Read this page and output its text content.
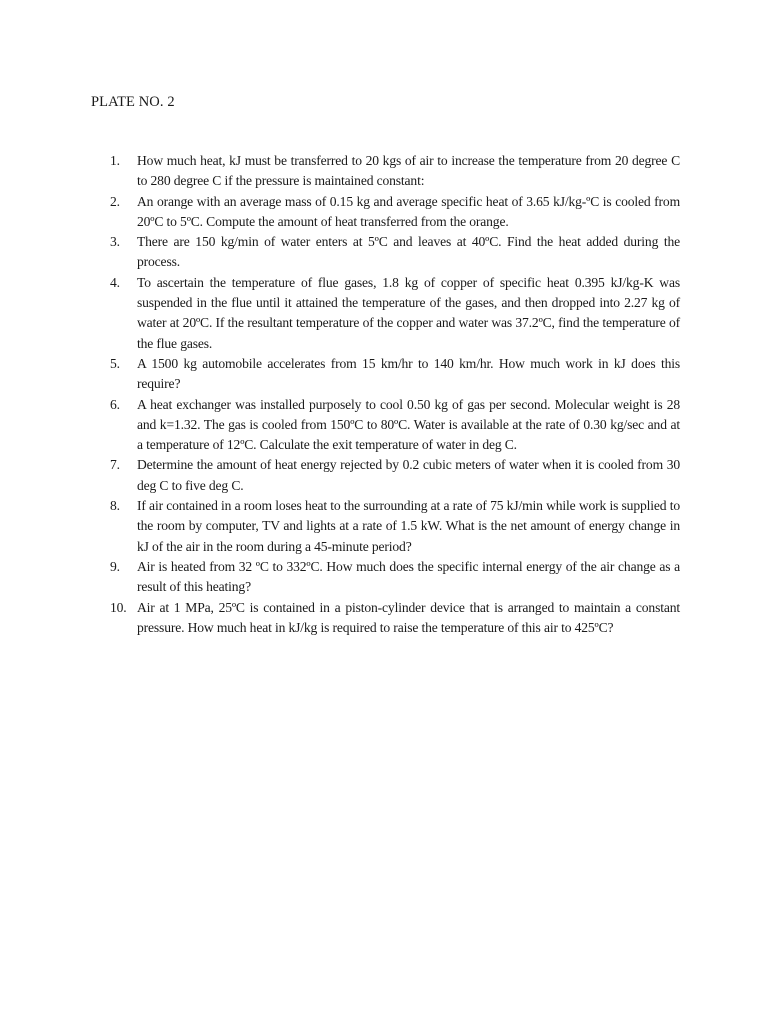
PLATE NO. 2
1.	How much heat, kJ must be transferred to 20 kgs of air to increase the temperature from 20 degree C to 280 degree C if the pressure is maintained constant:
2.	An orange with an average mass of 0.15 kg and average specific heat of 3.65 kJ/kg-ºC is cooled from 20ºC to 5ºC. Compute the amount of heat transferred from the orange.
3.	There are 150 kg/min of water enters at 5ºC and leaves at 40ºC. Find the heat added during the process.
4.	To ascertain the temperature of flue gases, 1.8 kg of copper of specific heat 0.395 kJ/kg-K was suspended in the flue until it attained the temperature of the gases, and then dropped into 2.27 kg of water at 20ºC. If the resultant temperature of the copper and water was 37.2ºC, find the temperature of the flue gases.
5.	A 1500 kg automobile accelerates from 15 km/hr to 140 km/hr. How much work in kJ does this require?
6.	A heat exchanger was installed purposely to cool 0.50 kg of gas per second. Molecular weight is 28 and k=1.32. The gas is cooled from 150ºC to 80ºC. Water is available at the rate of 0.30 kg/sec and at a temperature of 12ºC. Calculate the exit temperature of water in deg C.
7.	Determine the amount of heat energy rejected by 0.2 cubic meters of water when it is cooled from 30 deg C to five deg C.
8.	If air contained in a room loses heat to the surrounding at a rate of 75 kJ/min while work is supplied to the room by computer, TV and lights at a rate of 1.5 kW. What is the net amount of energy change in kJ of the air in the room during a 45-minute period?
9.	Air is heated from 32 ºC to 332ºC. How much does the specific internal energy of the air change as a result of this heating?
10. Air at 1 MPa, 25ºC is contained in a piston-cylinder device that is arranged to maintain a constant pressure. How much heat in kJ/kg is required to raise the temperature of this air to 425ºC?
